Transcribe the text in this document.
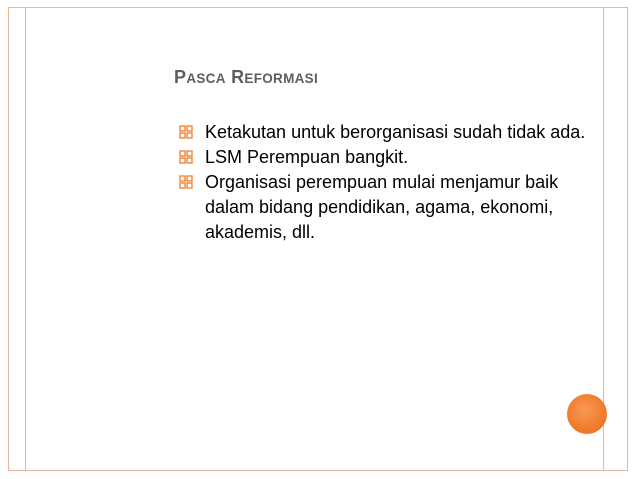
PASCA REFORMASI
Ketakutan untuk berorganisasi sudah tidak ada.
LSM Perempuan bangkit.
Organisasi perempuan mulai menjamur baik dalam bidang pendidikan, agama, ekonomi, akademis, dll.
